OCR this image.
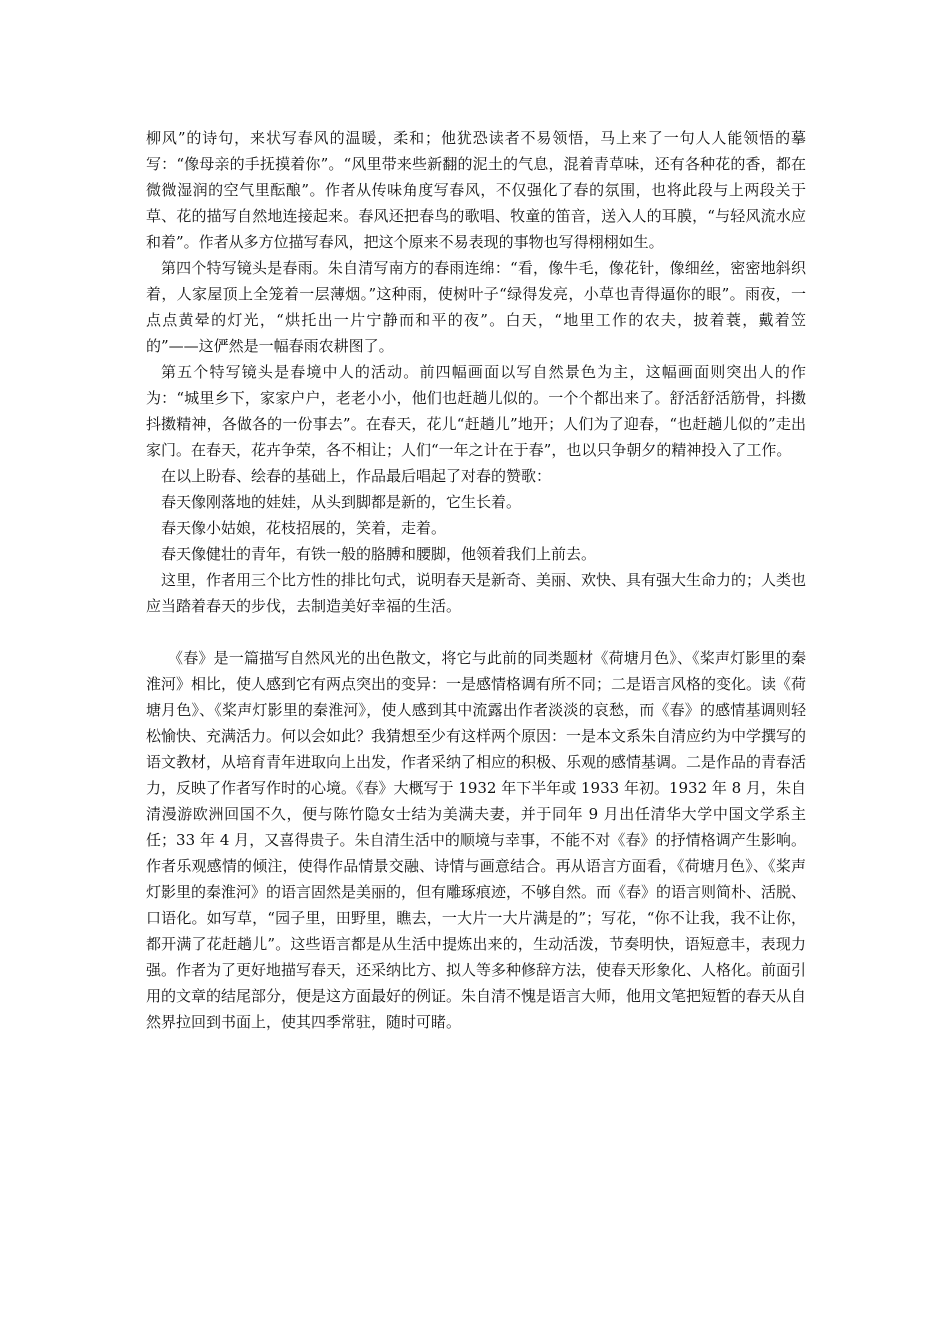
柳风”的诗句，来状写春风的温暖，柔和；他犹恐读者不易领悟，马上来了一句人人能领悟的摹写：“像母亲的手抚摸着你”。“风里带来些新翻的泥土的气息，混着青草味，还有各种花的香，都在微微湿润的空气里酝酿”。作者从传味角度写春风，不仅强化了春的氛围，也将此段与上两段关于草、花的描写自然地连接起来。春风还把春鸟的歌唱、牧童的笛音，送入人的耳膜，“与轻风流水应和着”。作者从多方位描写春风，把这个原来不易表现的事物也写得栩栩如生。

第四个特写镜头是春雨。朱自清写南方的春雨连绵：“看，像牛毛，像花针，像细丝，密密地斜织着，人家屋顶上全笼着一层薄烟。”这种雨，使树叶子“绿得发亮，小草也青得逼你的眼”。雨夜，一点点黄晕的灯光，“烘托出一片宁静而和平的夜”。白天，“地里工作的农夫，披着蓑，戴着笠的”——这俨然是一幅春雨农耕图了。

第五个特写镜头是春境中人的活动。前四幅画面以写自然景色为主，这幅画面则突出人的作为：“城里乡下，家家户户，老老小小，他们也赶趟儿似的。一个个都出来了。舒活舒活筋骨，抖擞抖擞精神，各做各的一份事去”。在春天，花儿“赶趟儿”地开；人们为了迎春，“也赶趟儿似的”走出家门。在春天，花卉争荣，各不相让；人们“一年之计在于春”，也以只争朝夕的精神投入了工作。

在以上盼春、绘春的基础上，作品最后唱起了对春的赞歌：

春天像刚落地的娃娃，从头到脚都是新的，它生长着。

春天像小姑娘，花枝招展的，笑着，走着。

春天像健壮的青年，有铁一般的胳膊和腰脚，他领着我们上前去。

这里，作者用三个比方性的排比句式，说明春天是新奇、美丽、欢快、具有强大生命力的；人类也应当踏着春天的步伐，去制造美好幸福的生活。

《春》是一篇描写自然风光的出色散文，将它与此前的同类题材《荷塘月色》、《桨声灯影里的秦淮河》相比，使人感到它有两点突出的变异：一是感情格调有所不同；二是语言风格的变化。读《荷塘月色》、《桨声灯影里的秦淮河》，使人感到其中流露出作者淡淡的哀愁，而《春》的感情基调则轻松愉快、充满活力。何以会如此？我猜想至少有这样两个原因：一是本文系朱自清应约为中学撰写的语文教材，从培育青年进取向上出发，作者采纳了相应的积极、乐观的感情基调。二是作品的青春活力，反映了作者写作时的心境。《春》大概写于 1932 年下半年或 1933 年初。1932 年 8 月，朱自清漫游欧洲回国不久，便与陈竹隐女士结为美满夫妻，并于同年 9 月出任清华大学中国文学系主任；33 年 4 月，又喜得贵子。朱自清生活中的顺境与幸事，不能不对《春》的抒情格调产生影响。作者乐观感情的倾注，使得作品情景交融、诗情与画意结合。再从语言方面看，《荷塘月色》、《桨声灯影里的秦淮河》的语言固然是美丽的，但有雕琢痕迹，不够自然。而《春》的语言则简朴、活脱、口语化。如写草，“园子里，田野里，瞧去，一大片一大片满是的”；写花，“你不让我，我不让你，都开满了花赶趟儿”。这些语言都是从生活中提炼出来的，生动活泼，节奏明快，语短意丰，表现力强。作者为了更好地描写春天，还采纳比方、拟人等多种修辞方法，使春天形象化、人格化。前面引用的文章的结尾部分，便是这方面最好的例证。朱自清不愧是语言大师，他用文笔把短暂的春天从自然界拉回到书面上，使其四季常驻，随时可睹。
